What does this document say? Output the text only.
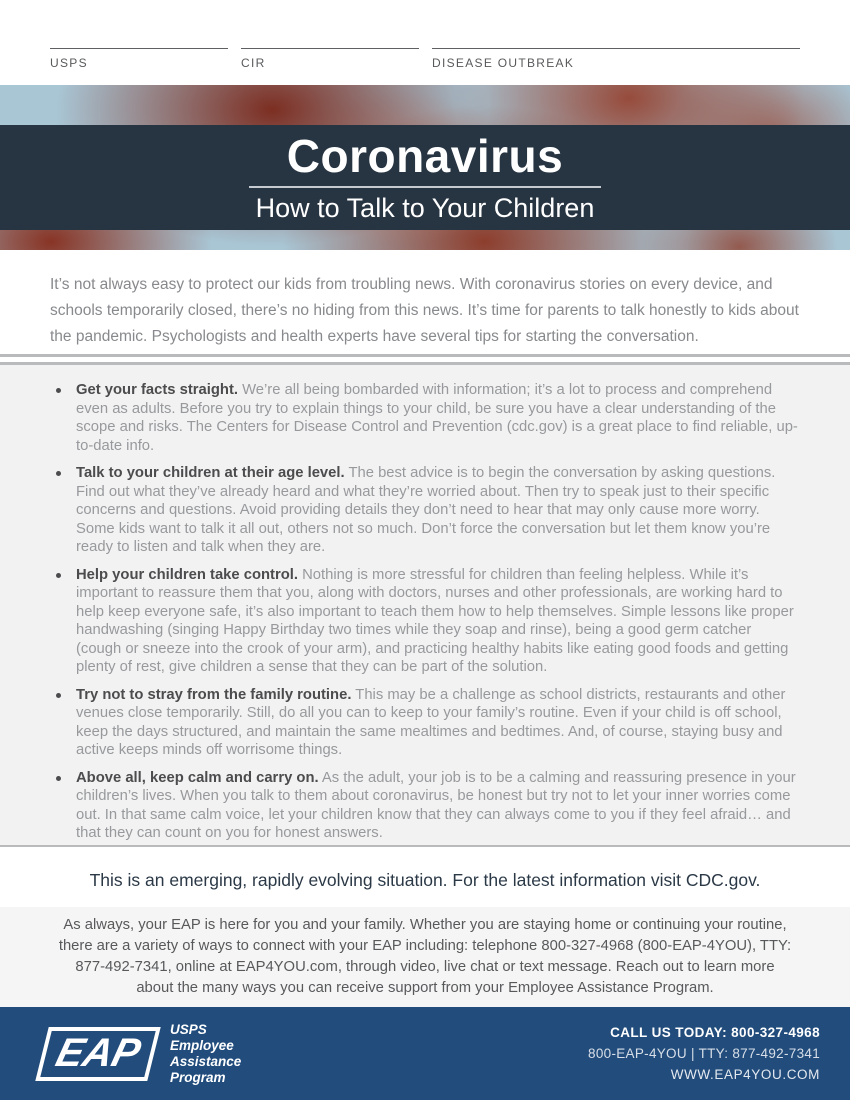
USPS	CIR	DISEASE OUTBREAK
Coronavirus
How to Talk to Your Children

It’s not always easy to protect our kids from troubling news. With coronavirus stories on every device, and schools temporarily closed, there’s no hiding from this news. It’s time for parents to talk honestly to kids about the pandemic. Psychologists and health experts have several tips for starting the conversation.

Get your facts straight. We’re all being bombarded with information; it’s a lot to process and comprehend even as adults. Before you try to explain things to your child, be sure you have a clear understanding of the scope and risks. The Centers for Disease Control and Prevention (cdc.gov) is a great place to find reliable, up-to-date info.
Talk to your children at their age level. The best advice is to begin the conversation by asking questions. Find out what they’ve already heard and what they’re worried about. Then try to speak just to their specific concerns and questions. Avoid providing details they don’t need to hear that may only cause more worry. Some kids want to talk it all out, others not so much. Don’t force the conversation but let them know you’re ready to listen and talk when they are.
Help your children take control. Nothing is more stressful for children than feeling helpless. While it’s important to reassure them that you, along with doctors, nurses and other professionals, are working hard to help keep everyone safe, it’s also important to teach them how to help themselves. Simple lessons like proper handwashing (singing Happy Birthday two times while they soap and rinse), being a good germ catcher (cough or sneeze into the crook of your arm), and practicing healthy habits like eating good foods and getting plenty of rest, give children a sense that they can be part of the solution.
Try not to stray from the family routine. This may be a challenge as school districts, restaurants and other venues close temporarily. Still, do all you can to keep to your family’s routine. Even if your child is off school, keep the days structured, and maintain the same mealtimes and bedtimes. And, of course, staying busy and active keeps minds off worrisome things.
Above all, keep calm and carry on. As the adult, your job is to be a calming and reassuring presence in your children’s lives. When you talk to them about coronavirus, be honest but try not to let your inner worries come out. In that same calm voice, let your children know that they can always come to you if they feel afraid… and that they can count on you for honest answers.
This is an emerging, rapidly evolving situation. For the latest information visit CDC.gov.

As always, your EAP is here for you and your family. Whether you are staying home or continuing your routine, there are a variety of ways to connect with your EAP including: telephone 800-327-4968 (800-EAP-4YOU), TTY: 877-492-7341, online at EAP4YOU.com, through video, live chat or text message. Reach out to learn more about the many ways you can receive support from your Employee Assistance Program.

EAP
USPS
Employee
Assistance
Program
CALL US TODAY: 800-327-4968
800-EAP-4YOU | TTY: 877-492-7341
WWW.EAP4YOU.COM
